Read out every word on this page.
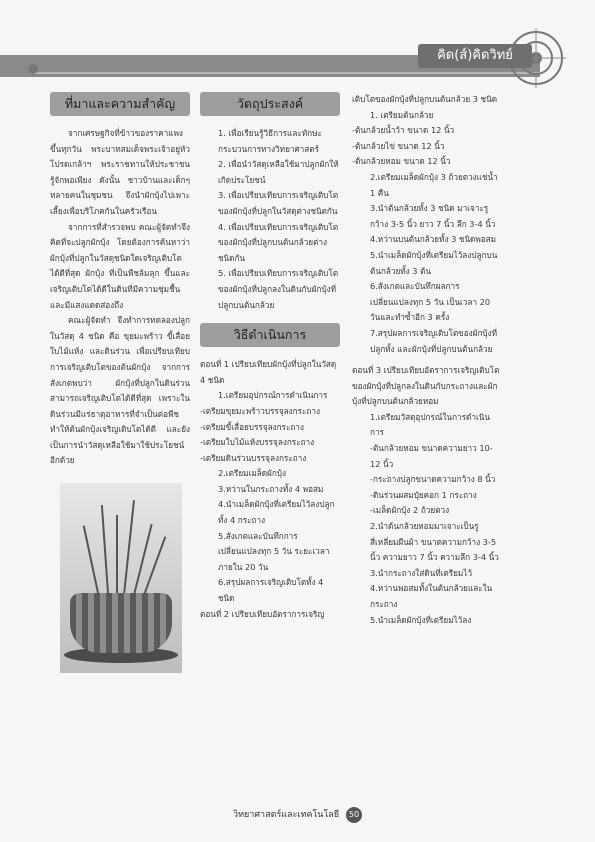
คิด(ส์)คิดวิทย์
ที่มาและความสำคัญ

จากเศรษฐกิจที่ข้าวของราคาแพงขึ้นทุกวัน พระบาทสมเด็จพระเจ้าอยู่หัว โปรดเกล้าฯ พระราชทานให้ประชาชนรู้จักพอเพียง ดังนั้น ชาวบ้านและเด็กๆ หลายคนในชุมชน จึงนำผักบุ้งไปเพาะเลี้ยงเพื่อบริโภคกันในครัวเรือน

จากการที่สำรวจพบ คณะผู้จัดทำจึงคิดที่จะปลูกผักบุ้ง โดยต้องการค้นหาว่าผักบุ้งที่ปลูกในวัสดุชนิดใดเจริญเติบโตได้ดีที่สุด ผักบุ้ง ที่เป็นพืชล้มลุก ขึ้นและเจริญเติบโตได้ดีในดินที่มีความชุ่มชื้นและมีแสงแดดส่องถึง

คณะผู้จัดทำ จึงทำการทดลองปลูกในวัสดุ 4 ชนิด คือ ขุยมะพร้าว ขี้เลื่อย ใบไม้แห้ง และดินร่วน เพื่อเปรียบเทียบการเจริญเติบโตของต้นผักบุ้ง จากการสังเกตพบว่า ผักบุ้งที่ปลูกในดินร่วนสามารถเจริญเติบโตได้ดีที่สุด เพราะในดินร่วนมีแร่ธาตุอาหารที่จำเป็นต่อพืช ทำให้ต้นผักบุ้งเจริญเติบโตได้ดี และยังเป็นการนำวัสดุเหลือใช้มาใช้ประโยชน์อีกด้วย

วัตถุประสงค์

1. เพื่อเรียนรู้วิธีการและทักษะกระบวนการทางวิทยาศาสตร์

2. เพื่อนำวัสดุเหลือใช้มาปลูกผักให้เกิดประโยชน์

3. เพื่อเปรียบเทียบการเจริญเติบโตของผักบุ้งที่ปลูกในวัสดุต่างชนิดกัน

4. เพื่อเปรียบเทียบการเจริญเติบโตของผักบุ้งที่ปลูกบนต้นกล้วยต่างชนิดกัน

5. เพื่อเปรียบเทียบการเจริญเติบโตของผักบุ้งที่ปลูกลงในดินกับผักบุ้งที่ปลูกบนต้นกล้วย

วิธีดำเนินการ

ตอนที่ 1 เปรียบเทียบผักบุ้งที่ปลูกในวัสดุ 4 ชนิด

1.เตรียมอุปกรณ์การดำเนินการ

-เตรียมขุยมะพร้าวบรรจุลงกระถาง

-เตรียมขี้เลื่อยบรรจุลงกระถาง

-เตรียมใบไม้แห้งบรรจุลงกระถาง

-เตรียมดินร่วนบรรจุลงกระถาง

2.เตรียมเมล็ดผักบุ้ง

3.หว่านในกระถางทั้ง 4 พอสม

4.นำเมล็ดผักบุ้งที่เตรียมไว้ลงปลูกทั้ง 4 กระถาง

5.สังเกตและบันทึกการเปลี่ยนแปลงทุก 5 วัน ระยะเวลาภายใน 20 วัน

6.สรุปผลการเจริญเติบโตทั้ง 4 ชนิด

ตอนที่ 2 เปรียบเทียบอัตราการเจริญ

เติบโตของผักบุ้งที่ปลูกบนต้นกล้วย 3 ชนิด

1. เตรียมต้นกล้วย

-ต้นกล้วยน้ำว้า ขนาด 12 นิ้ว

-ต้นกล้วยไข่ ขนาด 12 นิ้ว

-ต้นกล้วยหอม ขนาด 12 นิ้ว

2.เตรียมเมล็ดผักบุ้ง 3 ถ้วยตวงแช่น้ำ 1 คืน

3.นำต้นกล้วยทั้ง 3 ชนิด มาเจาะรู กว้าง 3-5 นิ้ว ยาว 7 นิ้ว ลึก 3-4 นิ้ว

4.หว่านบนต้นกล้วยทั้ง 3 ชนิดพอสม

5.นำเมล็ดผักบุ้งที่เตรียมไว้ลงปลูกบนต้นกล้วยทั้ง 3 ต้น

6.สังเกตและบันทึกผลการเปลี่ยนแปลงทุก 5 วัน เป็นเวลา 20 วันและทำซ้ำอีก 3 ครั้ง

7.สรุปผลการเจริญเติบโตของผักบุ้งที่ปลูกทั้ง และผักบุ้งที่ปลูกบนต้นกล้วย

ตอนที่ 3 เปรียบเทียบอัตราการเจริญเติบโตของผักบุ้งที่ปลูกลงในดินกับกระถางและผักบุ้งที่ปลูกบนต้นกล้วยหอม

1.เตรียมวัสดุอุปกรณ์ในการดำเนินการ

-ต้นกล้วยหอม ขนาดความยาว 10-12 นิ้ว

-กระถางปลูกขนาดความกว้าง 8 นิ้ว

-ดินร่วนผสมปุ๋ยคอก 1 กระถาง

-เมล็ดผักบุ้ง 2 ถ้วยตวง

2.นำต้นกล้วยหอมมาเจาะเป็นรูสี่เหลี่ยมผืนผ้า ขนาดความกว้าง 3-5 นิ้ว ความยาว 7 นิ้ว ความลึก 3-4 นิ้ว

3.นำกระถางใส่ดินที่เตรียมไว้

4.หว่านพอสมทั้งในต้นกล้วยและในกระถาง

5.นำเมล็ดผักบุ้งที่เตรียมไว้ลง

วิทยาศาสตร์และเทคโนโลยี 50
